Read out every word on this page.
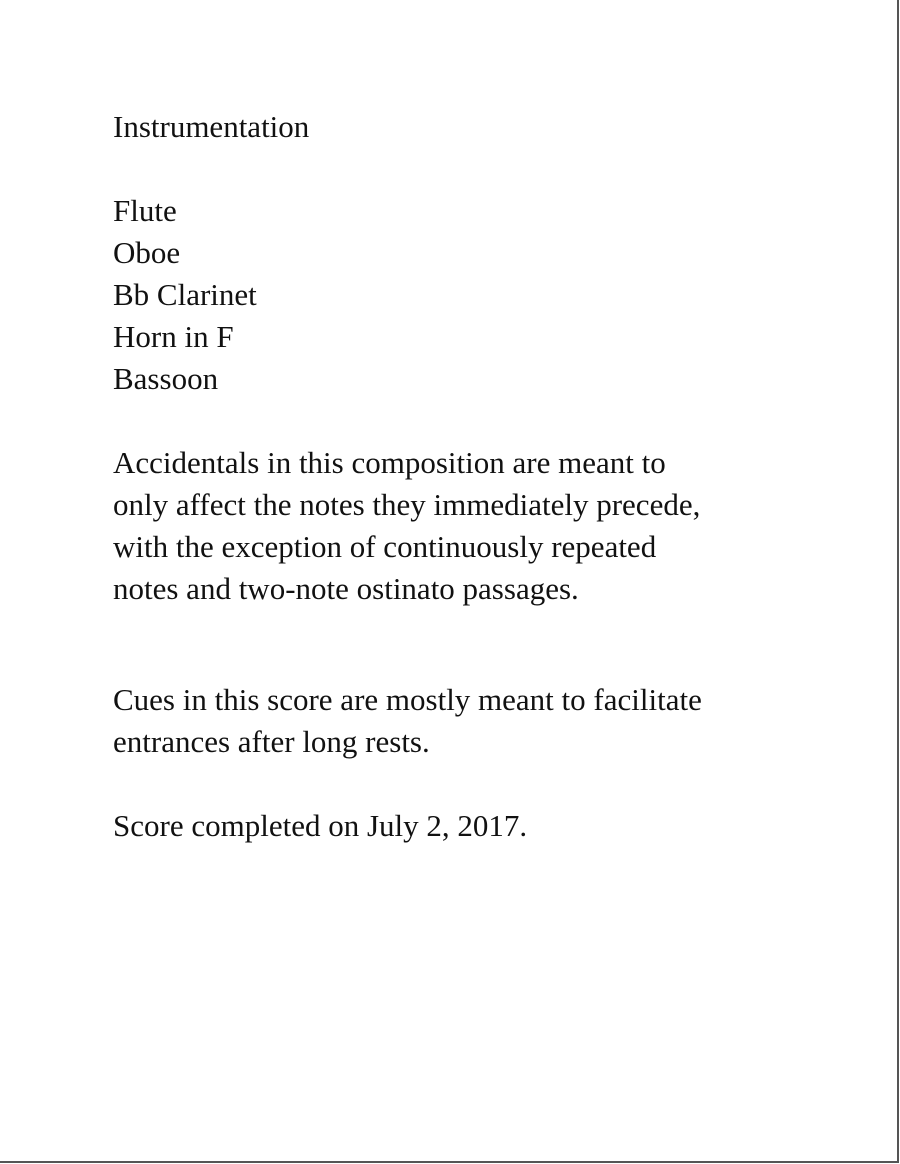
Instrumentation
Flute
Oboe
Bb Clarinet
Horn in F
Bassoon

Accidentals in this composition are meant to
only affect the notes they immediately precede,
with the exception of continuously repeated
notes and two-note ostinato passages.

Cues in this score are mostly meant to facilitate
entrances after long rests.

Score completed on July 2, 2017.
